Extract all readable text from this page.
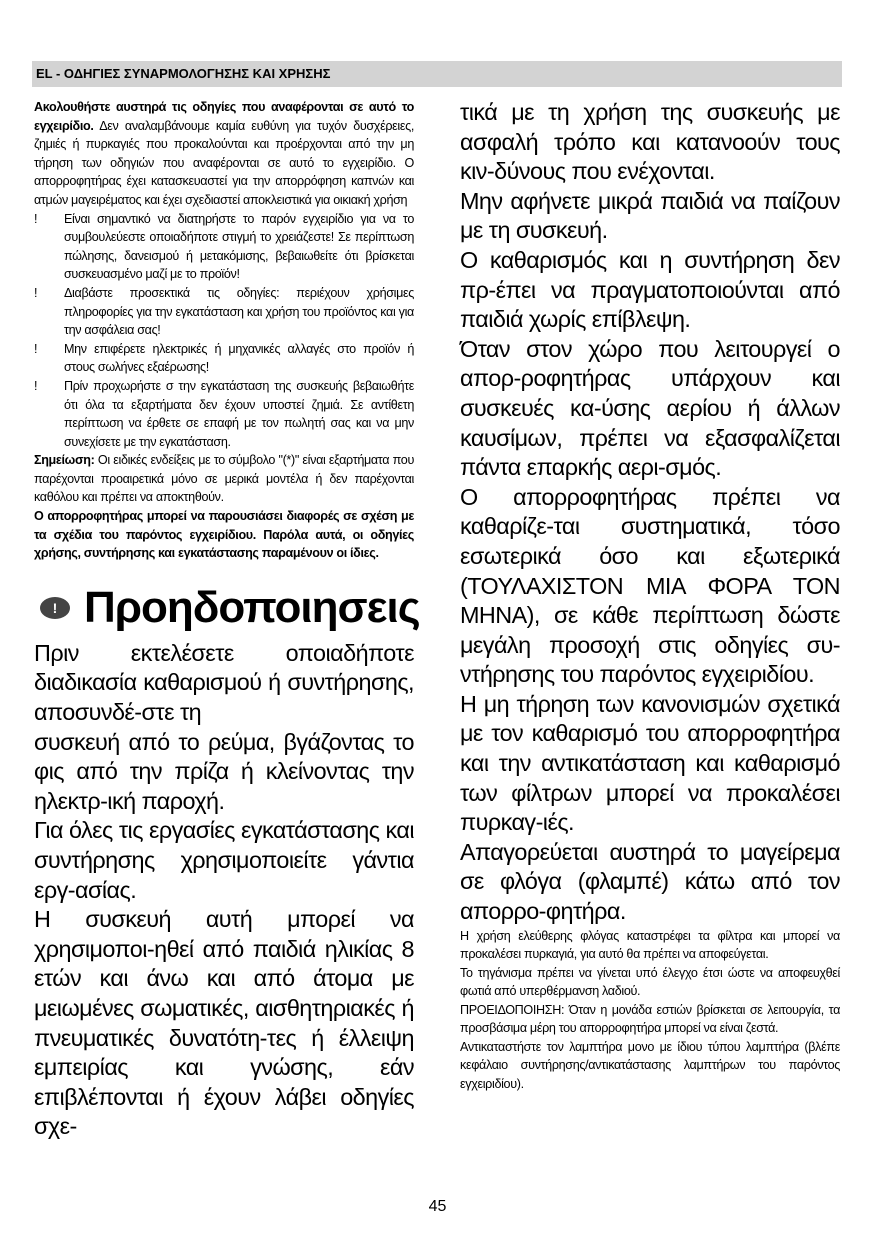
EL - ΟΔΗΓΙΕΣ ΣΥΝΑΡΜΟΛΟΓΗΣΗΣ ΚΑΙ ΧΡΗΣΗΣ

Ακολουθήστε αυστηρά τις οδηγίες που αναφέρονται σε αυτό το εγχειρίδιο. Δεν αναλαμβάνουμε καμία ευθύνη για τυχόν δυσχέρειες, ζημιές ή πυρκαγιές που προκαλούνται και προέρχονται από την μη τήρηση των οδηγιών που αναφέρονται σε αυτό το εγχειρίδιο. Ο απορροφητήρας έχει κατασκευαστεί για την απορρόφηση καπνών και ατμών μαγειρέματος και έχει σχεδιαστεί αποκλειστικά για οικιακή χρήση

!	Είναι σημαντικό να διατηρήστε το παρόν εγχειρίδιο για να το συμβουλεύεστε οποιαδήποτε στιγμή το χρειάζεστε! Σε περίπτωση πώλησης, δανεισμού ή μετακόμισης, βεβαιωθείτε ότι βρίσκεται συσκευασμένο μαζί με το προϊόν!
!	Διαβάστε προσεκτικά τις οδηγίες: περιέχουν χρήσιμες πληροφορίες για την εγκατάσταση και χρήση του προϊόντος και για την ασφάλεια σας!
!	Μην επιφέρετε ηλεκτρικές ή μηχανικές αλλαγές στο προϊόν ή στους σωλήνες εξαέρωσης!
!	Πρίν προχωρήστε σ την εγκατάσταση της συσκευής βεβαιωθήτε ότι όλα τα εξαρτήματα δεν έχουν υποστεί ζημιά. Σε αντίθετη περίπτωση να έρθετε σε επαφή με τον πωλητή σας και να μην συνεχίσετε με την εγκατάσταση.

Σημείωση: Οι ειδικές ενδείξεις με το σύμβολο "(*)" είναι εξαρτήματα που παρέχονται προαιρετικά μόνο σε μερικά μοντέλα ή δεν παρέχονται καθόλου και πρέπει να αποκτηθούν.

Ο απορροφητήρας μπορεί να παρουσιάσει διαφορές σε σχέση με τα σχέδια του παρόντος εγχειρίδιου. Παρόλα αυτά, οι οδηγίες χρήσης, συντήρησης και εγκατάστασης παραμένουν οι ίδιες.

! Προηδοποιησεις

Πριν εκτελέσετε οποιαδήποτε διαδικασία καθαρισμού ή συντήρησης, αποσυνδέ-στε τη

συσκευή από το ρεύμα, βγάζοντας το φις από την πρίζα ή κλείνοντας την ηλεκτρ-ική παροχή.

Για όλες τις εργασίες εγκατάστασης και συντήρησης χρησιμοποιείτε γάντια εργ-ασίας.

Η συσκευή αυτή μπορεί να χρησιμοποι-ηθεί από παιδιά ηλικίας 8 ετών και άνω και από άτομα με μειωμένες σωματικές, αισθητηριακές ή πνευματικές δυνατότη-τες ή έλλειψη εμπειρίας και γνώσης, εάν επιβλέπονται ή έχουν λάβει οδηγίες σχε-

τικά με τη χρήση της συσκευής με ασφαλή τρόπο και κατανοούν τους κιν-δύνους που ενέχονται.

Μην αφήνετε μικρά παιδιά να παίζουν με τη συσκευή.

Ο καθαρισμός και η συντήρηση δεν πρ-έπει να πραγματοποιούνται από παιδιά χωρίς επίβλεψη.

Όταν στον χώρο που λειτουργεί ο απορ-ροφητήρας υπάρχουν και συσκευές κα-ύσης αερίου ή άλλων καυσίμων, πρέπει να εξασφαλίζεται πάντα επαρκής αερι-σμός.

Ο απορροφητήρας πρέπει να καθαρίζε-ται συστηματικά, τόσο εσωτερικά όσο και εξωτερικά (ΤΟΥΛΑΧΙΣΤΟΝ ΜΙΑ ΦΟΡΑ ΤΟΝ ΜΗΝΑ), σε κάθε περίπτωση δώστε μεγάλη προσοχή στις οδηγίες συ-ντήρησης του παρόντος εγχειριδίου.

Η μη τήρηση των κανονισμών σχετικά με τον καθαρισμό του απορροφητήρα και την αντικατάσταση και καθαρισμό των φίλτρων μπορεί να προκαλέσει πυρκαγ-ιές.

Απαγορεύεται αυστηρά το μαγείρεμα σε φλόγα (φλαμπέ) κάτω από τον απορρο-φητήρα.

Η χρήση ελεύθερης φλόγας καταστρέφει τα φίλτρα και μπορεί να προκαλέσει πυρκαγιά, για αυτό θα πρέπει να αποφεύγεται.

Το τηγάνισμα πρέπει να γίνεται υπό έλεγχο έτσι ώστε να αποφευχθεί φωτιά από υπερθέρμανση λαδιού.

ΠΡΟΕΙΔΟΠΟΙΗΣΗ: Όταν η μονάδα εστιών βρίσκεται σε λειτουργία, τα προσβάσιμα μέρη του απορροφητήρα μπορεί να είναι ζεστά.

Αντικαταστήστε τον λαμπτήρα μονο με ίδιου τύπου λαμπτήρα (βλέπε κεφάλαιο συντήρησης/αντικατάστασης λαμπτήρων του παρόντος εγχειριδίου).

45
